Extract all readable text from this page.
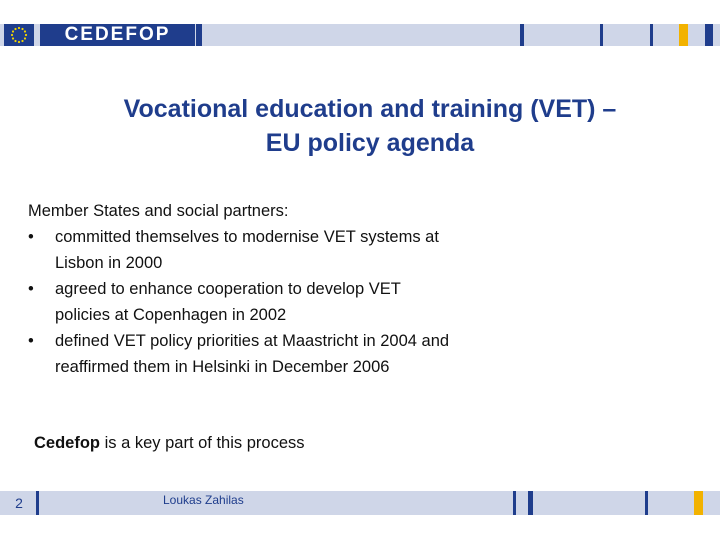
CEDEFOP
Vocational education and training (VET) –
EU policy agenda
Member States and social partners:
•	committed themselves to modernise VET systems at
Lisbon in 2000
•	agreed to enhance cooperation to develop VET
policies at Copenhagen in 2002
•	defined VET policy priorities at Maastricht in 2004 and
reaffirmed them in Helsinki in December 2006
Cedefop is a key part of this process
2	Loukas Zahilas
